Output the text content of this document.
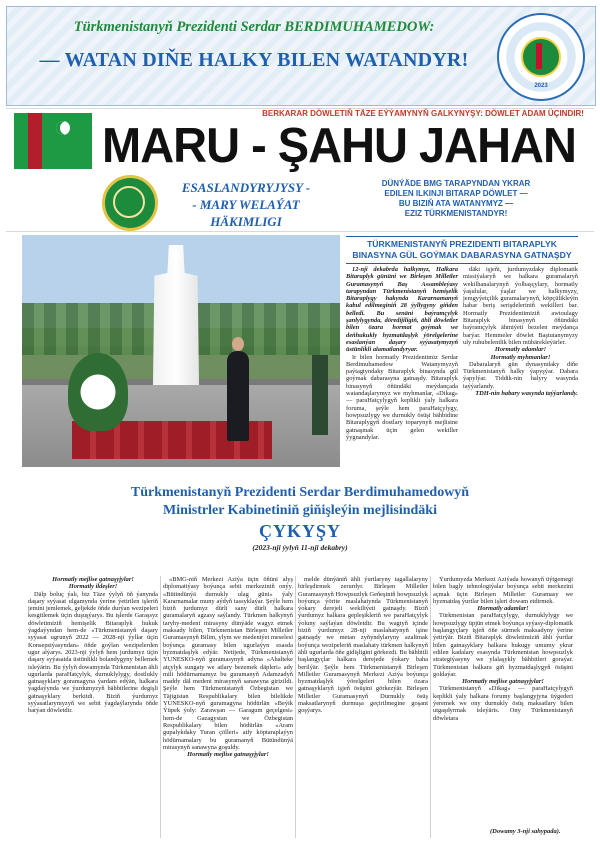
Türkmenistanyň Prezidenti Serdar BERDIMUHAMEDOW:
— WATAN DIŇE HALKY BILEN WATANDYR!
2023
BERKARAR DÖWLETIŇ TÄZE EÝÝAMYNYŇ GALKYNYŞY: DÖWLET ADAM ÜÇINDIR!
MARU - ŞAHU JAHAN
ESASLANDYRYJYSY -
- MARY WELAÝAT HÄKIMLIGI
DÜNÝÄDE BMG TARAPYNDAN YKRAR
EDILEN ILKINJI BITARAP DÖWLET —
BU BIZIŇ ATA WATANYMYZ —
EZIZ TÜRKMENISTANDYR!
TÜRKMENISTANYŇ PREZIDENTI BITARAPLYK BINASYNA GÜL GOÝMAK DABARASYNA GATNAŞDY

12-nji dekabrda halkymyz, Halkara Bitaraplyk gününi we Birleşen Milletler Guramasynyň Baş Assambleýasy tarapyndan Türkmenistanyň hemişelik Bitaraplygy hakynda Kararnamanyň kabul edilmeginiň 28 ýyllygyny giňden belledi. Bu senäni baýramçylyk şanlylygynda, döredijiligiň, ähli döwletler bilen özara hormat goýmak we deňhukukly hyzmatdaşlyk ýörelgelerine esaslanýan daşary syýasatymyzyň üstünlikli alamatlandyryar.

Ir bilen hormatly Prezidentimiz Serdar Berdimuhamedow Watanymyzyň paýtagtyndaky Bitaraplyk binasynda gül goýmak dabarasyna gatnaşdy. Bitaraplyk binasynyň öňündäki meýdançada watandaşlarymyz we myhmanlar, «Dikag» — paraHatçylygyň keplikli ýaly halkara foruma, şeýle hem paraHatçylygy, howpsuzlygy we durnukly ösüşi bähbidine Bitaraplygyň dostlary toparynyň mejlisine gatnaşmak üçin gelen wekiller ýygnandylar.

däki işjeňi, jurdumyzdaky diplomatik missiýalaryň we halkara guramalaryň wekilhanalarynyň ýolbaşçylary, hormatly ýaşulular, ýaşlar we halkymyzy, jemgyýetçilik guramalarynyň, köpçülikleýin habar beriş serişdeleriniň wekilleri bar. Hormatly Prezidentimiziň awtoulagy Bitaraplyk binasynyň öňündäki baýramçylyk ähmiýeti bezelen meýdança barýar. Hemmeler döwlet Baştutanymyzy uly ruhubelentlik bilen mübärekleýärler.

Hormatly adamlar!

Hormatly myhmanlar!

Dabaralaryň gün dynasyndaky diňe Türkmenistanyň halky ýapyşýar. Dabara ýapylýar. Tiddik-nin halyry wasynda taýýarlandy.

TDH-nin habary wasynda taýýarlandy.

Türkmenistanyň Prezidenti Serdar Berdimuhamedowyň
Ministrler Kabinetiniň giňişleýin mejlisindäki
ÇYKYŞY
(2023-nji ýylyň 11-nji dekabry)

Hormatly mejlise gatnaşyjylar!

Hormatly ildeşler!

Dälp boluç ýalı, biz Täze ýylyň öň ýanynda daşary syýasat ulgamynda ýerine ýetirilen işleriň jemini jemlemek, geljekde öňde durýan wezipeleri kesgitlemek üçin duşuşýarys. Bu işlerde Garaşsyz döwletimiziň hemişelik Bitaraplyk hukuk ýagdaýyndan hem-de «Türkmenistanyň daşary syýasat ugrunyň 2022 — 2028-nji ýyllar üçin Konsepsiýasyndan» öňde goýlan wezipelerden ugur alýarys. 2023-nji ýylyň hem jurdumyz üçin daşary syýasatda üstünlikli bolandygyny bellemek isleýärin. Bu ýylyň dowamynda Türkmenistan ähli ugurlarda paraHatçylyk, durnuklylygy, dostlukly gatnaşyklary goramagyna ýardam edýän, halkara ýagdaýynda we ýurdumyzyň bähbitlerine degişli gatnaşyklary berkitdi. Biziň ýurdumyz syýasatlarymyzyň we sebit ýagdaýlarynda öňde barýan döwletdir.

«BMG-niň Merkezi Aziýa üçin öňüni alyş diplomatiýasy boýunça sebit merkeziniň onýy. «Bütindünýä durnukly ulag güni» ýaly Kararnamalar muny aýdyň tassyklaýar. Şeýle hem biziň jurdumyz dürli sany dürli halkara guramalaryň agzasy saýlandy. Türkmen halkynyň taryhy-medeni mirasyny dünýäde wagyz etmek maksady bilen, Türkmenistan Birleşen Milletler Guramasynyň Bilim, ylym we medeniýet meselesi boýunça guramasy bilen ugurlaýyn esasda hyzmatdaşlyk edýär. Netijede, Türkmenistanyň YUNESKO-nyň guramasynyň adyna «Ahalteke atçylyk sungaty we atlary bezemek däpleri» ady mili hödürnamamyz bu guramanyň Adamzadyň maddy däl medeni mirasynyň sanawyna girizildi. Şeýle hem Türkmenistanyň Özbegistan we Täjigistan Respublikalary bilen bilelikde YUNESKO-nyň guramagyna hödürlän «Beýik Ýüpek ýoly: Zarawşan — Garagum geçelgesi» hem-de Gazagystan we Özbegistan Respublikalary bilen hödürlän «Aram gupalykdaky Turan çölleri» atly köptaraplaýyn hödürnamalary bu guramanyň Bütündünýä mirasynyň sanawyna goşuldy.

Hormatly mejlise gatnaşyjylar!

melde dünýäniň ähli ýurtlaryny tagallalaryny birleşdirmek zerurdyr. Birleşen Milletler Guramasynyň Howpsuzlyk Geňeşiniň howpsuzlyk boýunça ýörite maslahatynda Türkmenistanyň ýokary derejeli wekiliýeti gatnaşdy. Biziň ýurdumyz halkara gepleşikleriň we paraHatçylyk ýoluny saýlaýan döwletdir. Bu wagtyň içinde biziň ýurdumyz 28-nji maslahatynyň işine gatnaşdy we metan zyňyndylaryny azaltmak boýunça wezipeleriň maslahaty türkmen halkynyň ähli ugurlarda öňe gidişligini görkezdi. Bu bähbitli başlangyçlar halkara derejede ýokary baha berilýär. Şeýle hem Türkmenistanyň Birleşen Milletler Guramasynyň Merkezi Aziýa boýunça hyzmatdaşlyk ýörelgeleri bilen özara gatnaşyklaryň işjeň ösüşini görkezýär. Birleşen Milletler Guramasynyň Durnukly ösüş maksatlarynyň durmuşa geçirilmegine goşant goşýarys.

Ýurdumyzda Merkezi Aziýada howanyň üýtgemegi bilen bagly tehnologiýalar boýunça sebit merkezini açmak üçin Birleşen Milletler Guramasy we hyzmatdaş ýurtlar bilen işleri dowam etdirmek.

Hormatly adamlar!

Türkmenistan paraHatçylygy, durnuklylygy we howpsuzlygy üpjün etmek boýunça syýasy-diplomatik başlangyçlary işjeň öňe sürmek maksadyny ýerine ýetirýär. Biziň Bitaraplyk döwletimiziň ähli ýurtlar bilen gatnaşyklary halkara hukugy umumy ykrar edilen kadalary esasynda Türkmenistan howpsuzlyk strategiýasyny we ylalaşykly bähbitleri goraýar. Türkmenistan halkara giň hyzmatdaşlygyň ösüşini goldaýar.

Hormatly mejlise gatnaşyjylar!

Türkmenistanyň «Dikag» — paraHatçylygyň keplikli ýaly halkara forumy başlangyjyna üýgederi ýeremek we ony durnukly ösüş maksatlary bilen utgaşdyrmak isleýäris. Ony Türkmenistanyň döwletara

(Dowamy 3-nji sahypada).
